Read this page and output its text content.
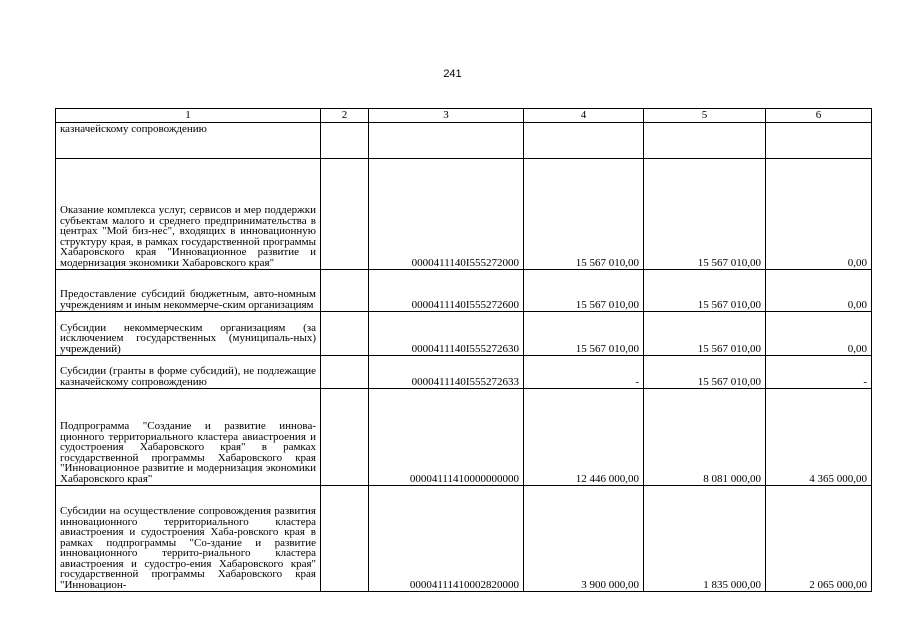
241
1	2	3	4	5	6
казначейскому сопровождению					
Оказание комплекса услуг, сервисов и мер поддержки субъектам малого и среднего предпринимательства в центрах "Мой биз-нес", входящих в инновационную структуру края, в рамках государственной программы Хабаровского края "Инновационное развитие и модернизация экономики Хабаровского края"		0000411140I555272000	15 567 010,00	15 567 010,00	0,00
Предоставление субсидий бюджетным, авто-номным учреждениям и иным некоммерче-ским организациям		0000411140I555272600	15 567 010,00	15 567 010,00	0,00
Субсидии некоммерческим организациям (за исключением государственных (муниципаль-ных) учреждений)		0000411140I555272630	15 567 010,00	15 567 010,00	0,00
Субсидии (гранты в форме субсидий), не подлежащие казначейскому сопровождению		0000411140I555272633	-	15 567 010,00	-
Подпрограмма "Создание и развитие иннова-ционного территориального кластера авиастроения и судостроения Хабаровского края" в рамках государственной программы Хабаровского края "Инновационное развитие и модернизация экономики Хабаровского края"		00004111410000000000	12 446 000,00	8 081 000,00	4 365 000,00
Субсидии на осуществление сопровождения развития инновационного территориального кластера авиастроения и судостроения Хаба-ровского края в рамках подпрограммы "Со-здание и развитие инновационного террито-риального кластера авиастроения и судостро-ения Хабаровского края" государственной программы Хабаровского края "Инновацион-		00004111410002820000	3 900 000,00	1 835 000,00	2 065 000,00
